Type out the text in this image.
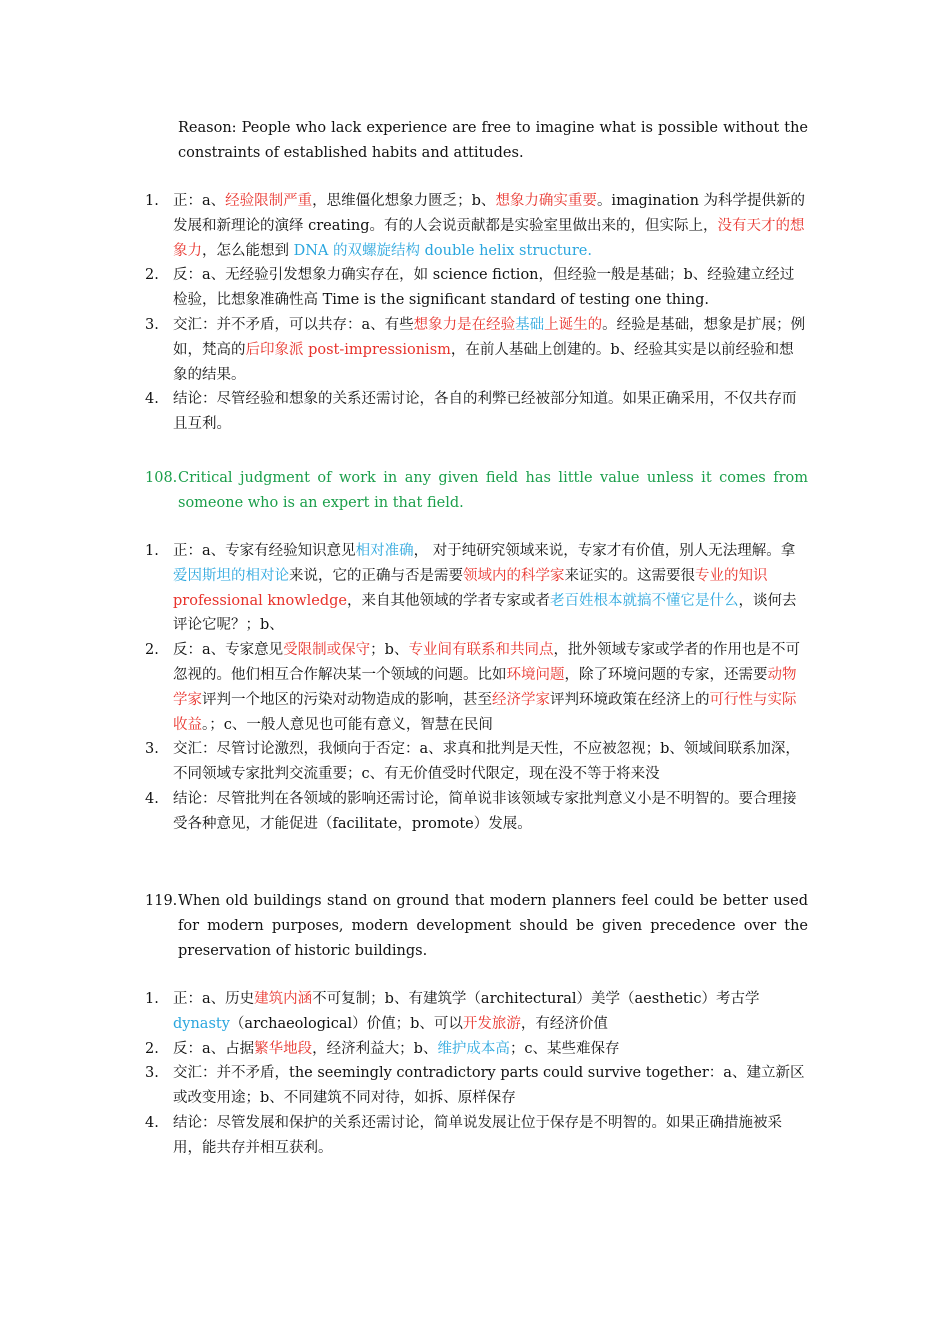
Reason: People who lack experience are free to imagine what is possible without the constraints of established habits and attitudes.
1. 正：a、经验限制严重，思维僵化想象力匮乏；b、想象力确实重要。imagination 为科学提供新的发展和新理论的演绎 creating。有的人会说贡献都是实验室里做出来的，但实际上，没有天才的想象力，怎么能想到 DNA 的双螺旋结构 double helix structure.
2. 反：a、无经验引发想象力确实存在，如 science fiction，但经验一般是基础；b、经验建立经过检验，比想象准确性高 Time is the significant standard of testing one thing.
3. 交汇：并不矛盾，可以共存：a、有些想象力是在经验基础上诞生的。经验是基础，想象是扩展；例如，梵高的后印象派 post-impressionism，在前人基础上创建的。b、经验其实是以前经验和想象的结果。
4. 结论：尽管经验和想象的关系还需讨论，各自的利弊已经被部分知道。如果正确采用，不仅共存而且互利。
108. Critical judgment of work in any given field has little value unless it comes from someone who is an expert in that field.
1. 正：a、专家有经验知识意见相对准确， 对于纯研究领域来说，专家才有价值，别人无法理解。拿爱因斯坦的相对论来说，它的正确与否是需要领域内的科学家来证实的。这需要很专业的知识 professional knowledge，来自其他领域的学者专家或者老百姓根本就搞不懂它是什么，谈何去评论它呢？；b、
2. 反：a、专家意见受限制或保守；b、专业间有联系和共同点，批外领域专家或学者的作用也是不可忽视的。他们相互合作解决某一个领域的问题。比如环境问题，除了环境问题的专家，还需要动物学家评判一个地区的污染对动物造成的影响，甚至经济学家评判环境政策在经济上的可行性与实际收益。；c、一般人意见也可能有意义，智慧在民间
3. 交汇：尽管讨论激烈，我倾向于否定：a、求真和批判是天性，不应被忽视；b、领域间联系加深，不同领域专家批判交流重要；c、有无价值受时代限定，现在没不等于将来没
4. 结论：尽管批判在各领域的影响还需讨论，简单说非该领域专家批判意义小是不明智的。要合理接受各种意见，才能促进（facilitate，promote）发展。
119. When old buildings stand on ground that modern planners feel could be better used for modern purposes, modern development should be given precedence over the preservation of historic buildings.
1. 正：a、历史建筑内涵不可复制；b、有建筑学（architectural）美学（aesthetic）考古学 dynasty（archaeological）价值；b、可以开发旅游，有经济价值
2. 反：a、占据繁华地段，经济利益大；b、维护成本高；c、某些难保存
3. 交汇：并不矛盾，the seemingly contradictory parts could survive together：a、建立新区或改变用途；b、不同建筑不同对待，如拆、原样保存
4. 结论：尽管发展和保护的关系还需讨论，简单说发展让位于保存是不明智的。如果正确措施被采用，能共存并相互获利。
